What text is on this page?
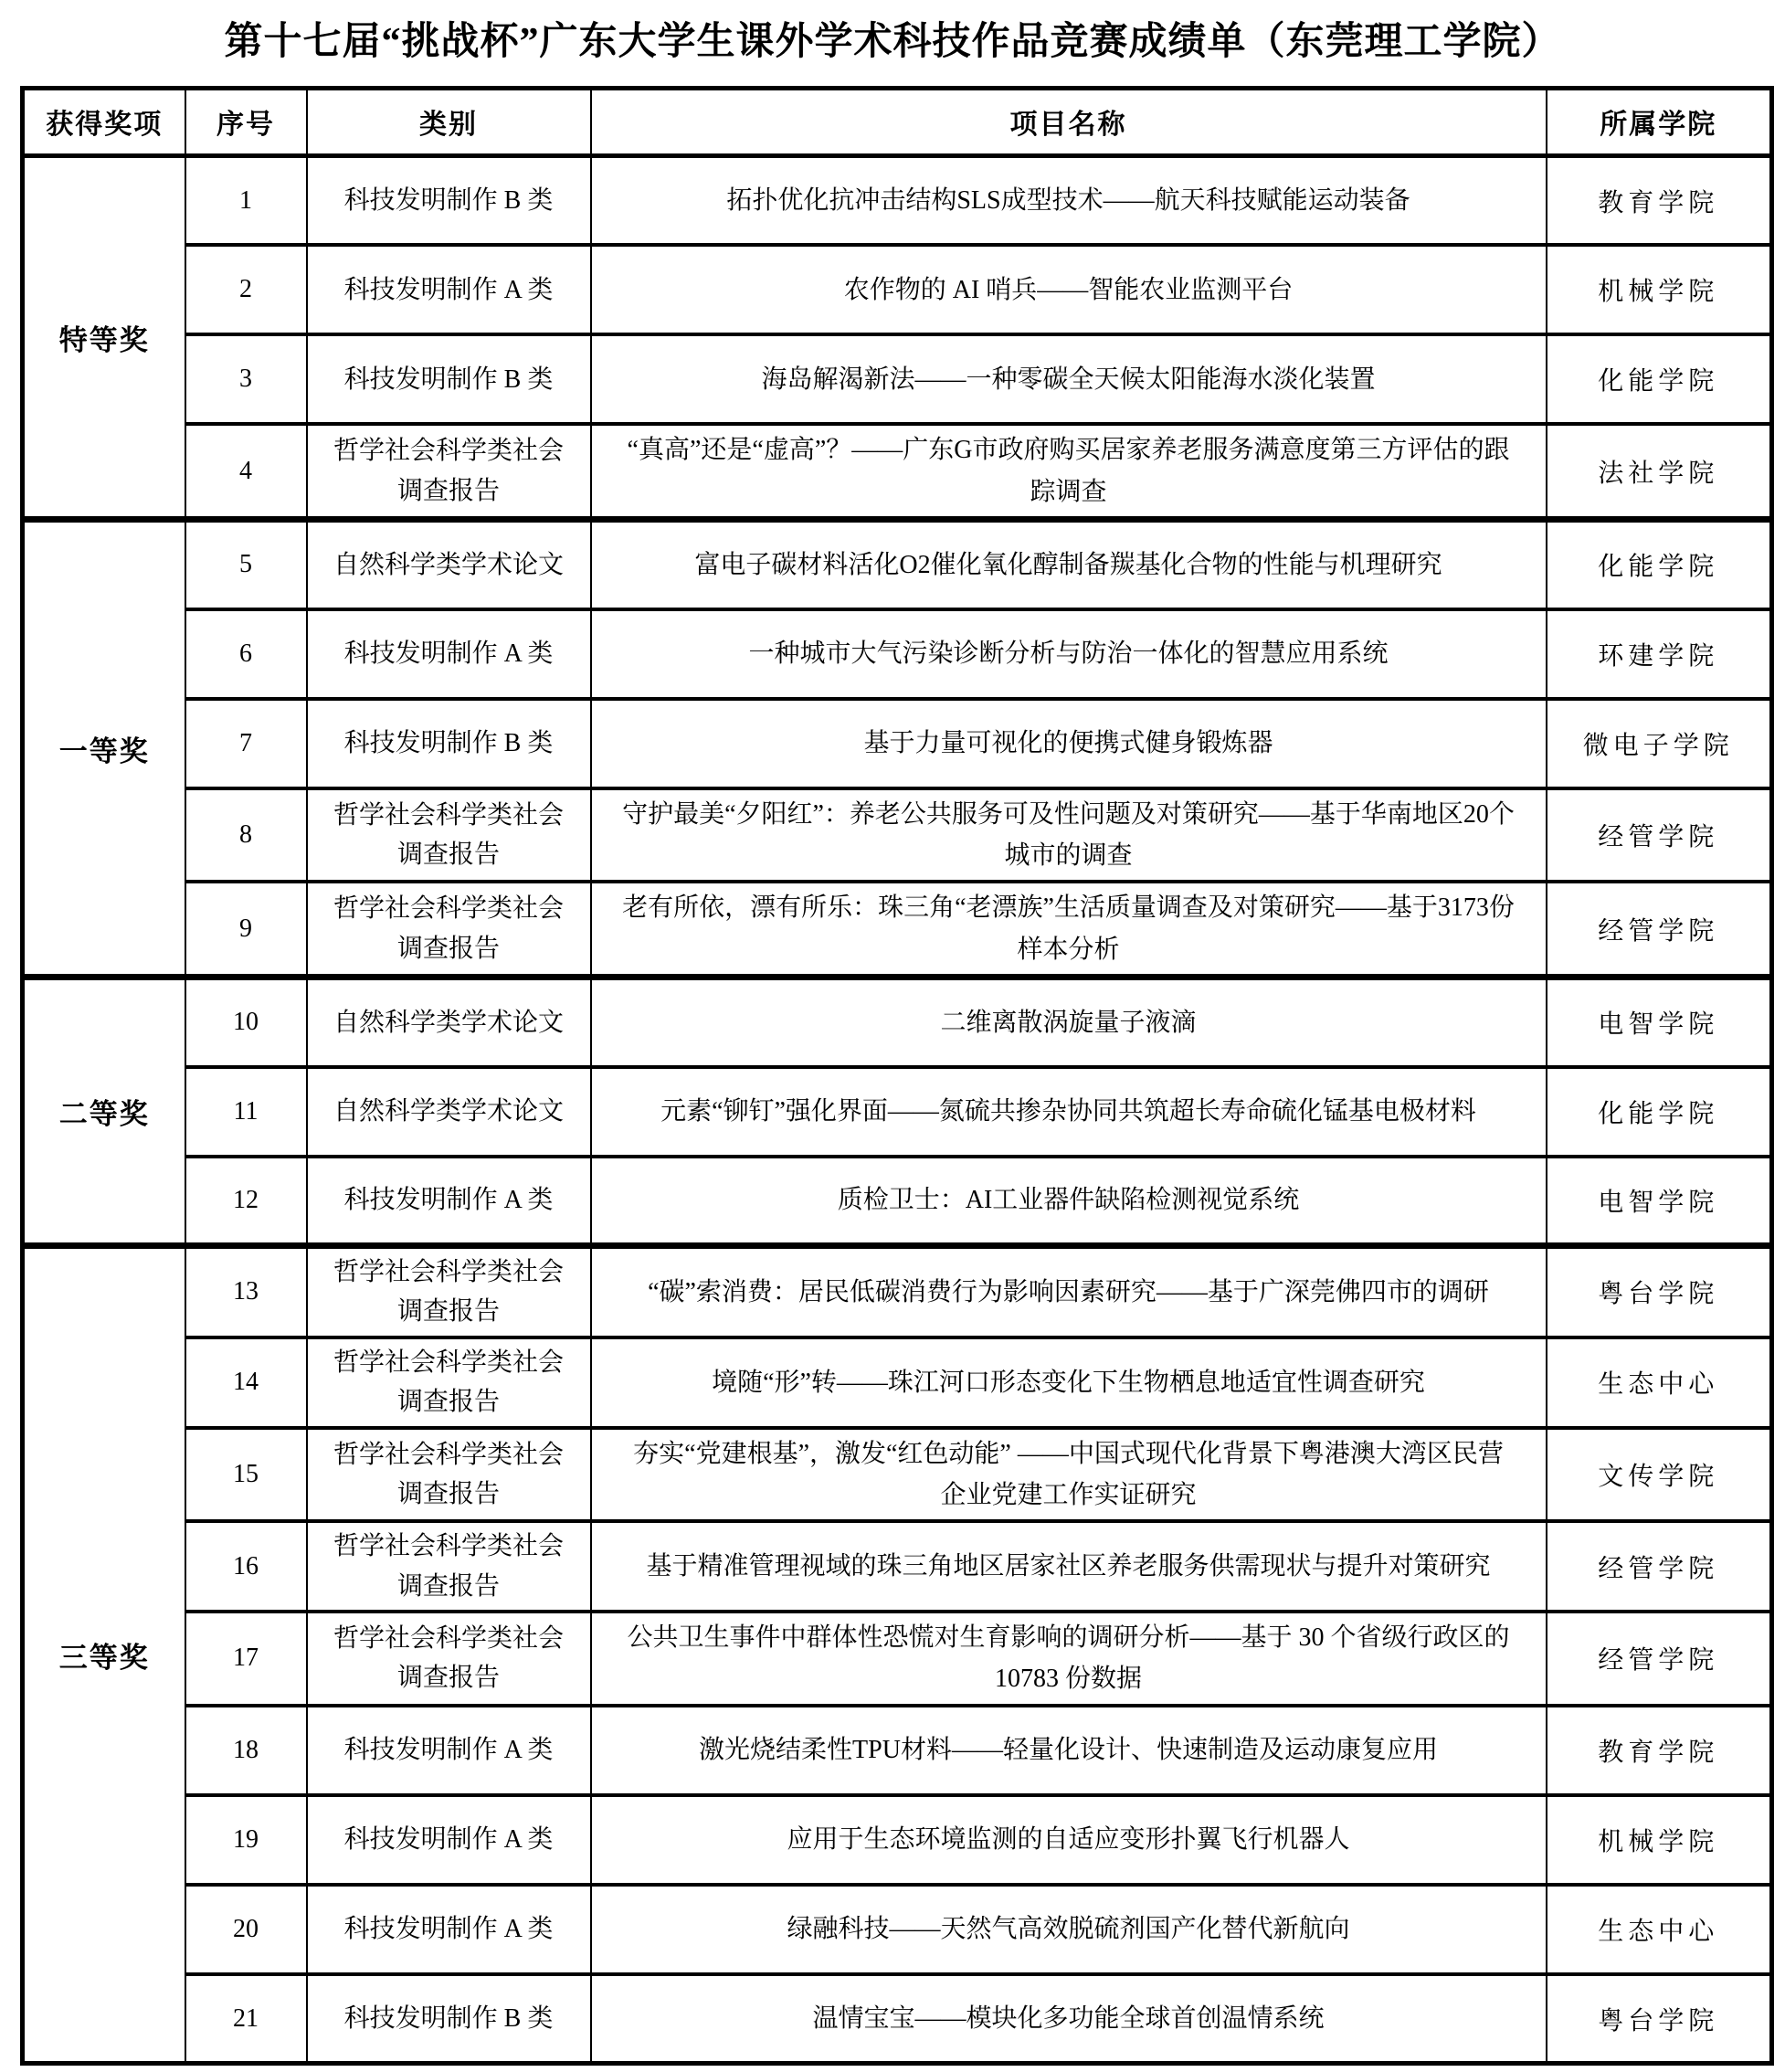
第十七届“挑战杯”广东大学生课外学术科技作品竞赛成绩单（东莞理工学院）
获得奖项	序号	类别	项目名称	所属学院
特等奖	1	科技发明制作 B 类	拓扑优化抗冲击结构SLS成型技术——航天科技赋能运动装备	教育学院
	2	科技发明制作 A 类	农作物的 AI 哨兵——智能农业监测平台	机械学院
	3	科技发明制作 B 类	海岛解渴新法——一种零碳全天候太阳能海水淡化装置	化能学院
	4	哲学社会科学类社会调查报告	“真高”还是“虚高”？——广东G市政府购买居家养老服务满意度第三方评估的跟踪调查	法社学院
一等奖	5	自然科学类学术论文	富电子碳材料活化O2催化氧化醇制备羰基化合物的性能与机理研究	化能学院
	6	科技发明制作 A 类	一种城市大气污染诊断分析与防治一体化的智慧应用系统	环建学院
	7	科技发明制作 B 类	基于力量可视化的便携式健身锻炼器	微电子学院
	8	哲学社会科学类社会调查报告	守护最美“夕阳红”：养老公共服务可及性问题及对策研究——基于华南地区20个城市的调查	经管学院
	9	哲学社会科学类社会调查报告	老有所依，漂有所乐：珠三角“老漂族”生活质量调查及对策研究——基于3173份样本分析	经管学院
二等奖	10	自然科学类学术论文	二维离散涡旋量子液滴	电智学院
	11	自然科学类学术论文	元素“铆钉”强化界面——氮硫共掺杂协同共筑超长寿命硫化锰基电极材料	化能学院
	12	科技发明制作 A 类	质检卫士：AI工业器件缺陷检测视觉系统	电智学院
三等奖	13	哲学社会科学类社会调查报告	“碳”索消费：居民低碳消费行为影响因素研究——基于广深莞佛四市的调研	粤台学院
	14	哲学社会科学类社会调查报告	境随“形”转——珠江河口形态变化下生物栖息地适宜性调查研究	生态中心
	15	哲学社会科学类社会调查报告	夯实“党建根基”，激发“红色动能” ——中国式现代化背景下粤港澳大湾区民营企业党建工作实证研究	文传学院
	16	哲学社会科学类社会调查报告	基于精准管理视域的珠三角地区居家社区养老服务供需现状与提升对策研究	经管学院
	17	哲学社会科学类社会调查报告	公共卫生事件中群体性恐慌对生育影响的调研分析——基于 30 个省级行政区的 10783 份数据	经管学院
	18	科技发明制作 A 类	激光烧结柔性TPU材料——轻量化设计、快速制造及运动康复应用	教育学院
	19	科技发明制作 A 类	应用于生态环境监测的自适应变形扑翼飞行机器人	机械学院
	20	科技发明制作 A 类	绿融科技——天然气高效脱硫剂国产化替代新航向	生态中心
	21	科技发明制作 B 类	温情宝宝——模块化多功能全球首创温情系统	粤台学院
